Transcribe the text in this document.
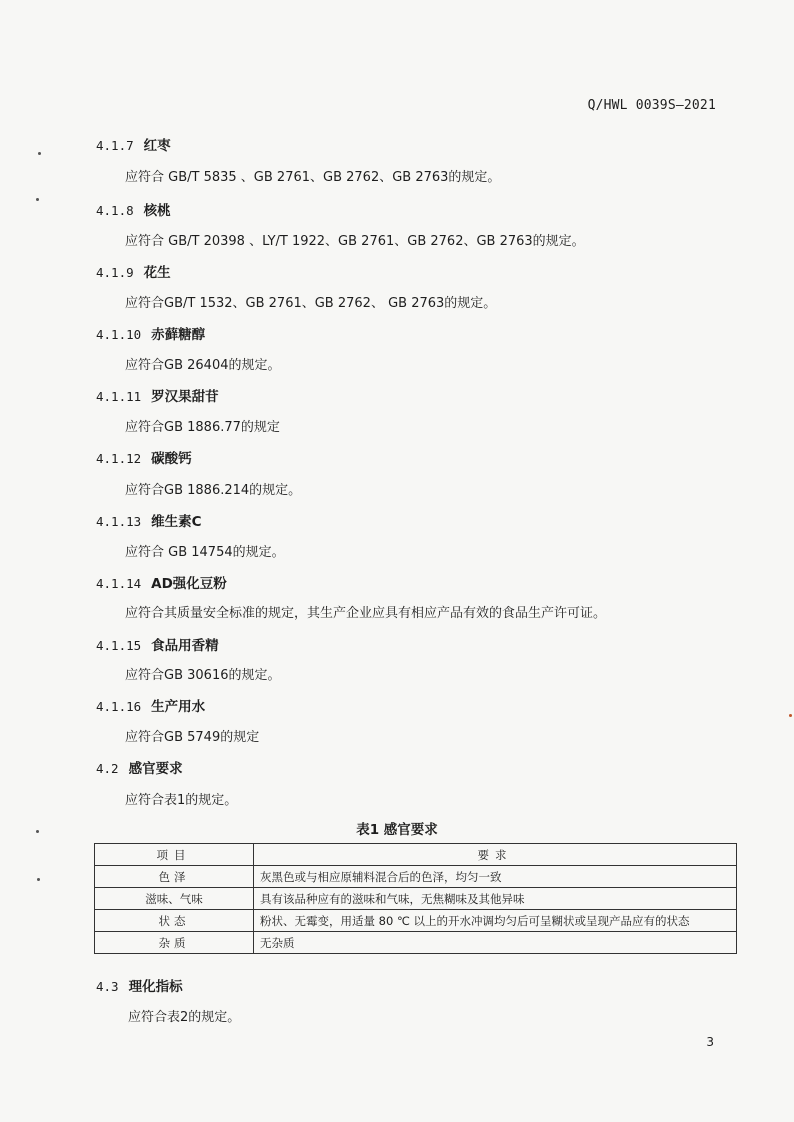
Q/HWL 0039S—2021
4.1.7 红枣
应符合 GB/T 5835 、GB 2761、GB 2762、GB 2763的规定。
4.1.8 核桃
应符合 GB/T 20398 、LY/T 1922、GB 2761、GB 2762、GB 2763的规定。
4.1.9 花生
应符合GB/T 1532、GB 2761、GB 2762、 GB 2763的规定。
4.1.10 赤藓糖醇
应符合GB 26404的规定。
4.1.11 罗汉果甜苷
应符合GB 1886.77的规定
4.1.12 碳酸钙
应符合GB 1886.214的规定。
4.1.13 维生素C
应符合 GB 14754的规定。
4.1.14 AD强化豆粉
应符合其质量安全标准的规定，其生产企业应具有相应产品有效的食品生产许可证。
4.1.15 食品用香精
应符合GB 30616的规定。
4.1.16 生产用水
应符合GB 5749的规定
4.2 感官要求
应符合表1的规定。
表1 感官要求
项目	要求
色泽	灰黑色或与相应原辅料混合后的色泽，均匀一致
滋味、气味	具有该品种应有的滋味和气味，无焦糊味及其他异味
状态	粉状、无霉变，用适量 80 ℃ 以上的开水冲调均匀后可呈糊状或呈现产品应有的状态
杂质	无杂质
4.3 理化指标
应符合表2的规定。
3
